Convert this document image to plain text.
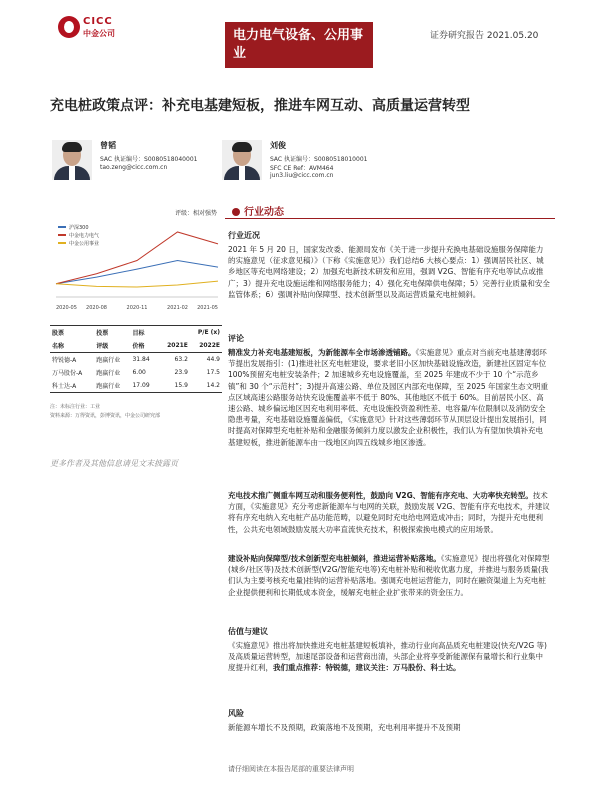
CICC
中金公司	电力电气设备、公用事业
证券研究报告 2021.05.20
充电桩政策点评：补充电基建短板，推进车网互动、高质量运营转型
曾韬
SAC 执证编号：S0080518040001
tao.zeng@cicc.com.cn
刘俊
SAC 执证编号：S0080518010001
SFC CE Ref：AVM464
jun3.liu@cicc.com.cn
评级：相对强势
2020-05 2020-08	2020-11	2021-02 2021-05
沪深300
中金电力电气
中金公用事业
股票	投票	目标	P/E (x)	
名称	评级	价格	2021E	2022E
特锐德-A	跑赢行业	31.84	63.2	44.9
万马股份-A	跑赢行业	6.00	23.9	17.5
科士达-A	跑赢行业	17.09	15.9	14.2
注：未标注行业：工业
资料来源：万得资讯，彭博资讯，中金公司研究部
更多作者及其他信息请见文末披露页
行业动态
行业近况
2021 年 5 月 20 日，国家发改委、能源局发布《关于进一步提升充换电基础设施服务保障能力的实施意见（征求意见稿）》（下称《实施意见》）我们总结6 大核心要点：1）强调居民社区、城乡地区等充电网络建设；2）加强充电新技术研发和应用，强调 V2G、智能有序充电等试点或推广；3）提升充电设施运维和网络服务能力；4）强化充电保障供电保障；5）完善行业质量和安全监管体系；6）强调补贴向保障型、技术创新型以及高运营质量充电桩倾斜。
评论
精准发力补充电基建短板，为新能源车全市场渗透铺路。《实施意见》重点对当前充电基建薄弱环节提出发展指引：(1)推进社区充电桩建设，要求老旧小区加快基础设施改造，新建社区固定车位 100%预留充电桩安装条件；2 加速城乡充电设施覆盖，至 2025 年建成不少于 10 个“示范乡镇”和 30 个“示范村”；3)提升高速公路、单位及园区内部充电保障，至 2025 年国家生态文明重点区域高速公路服务站快充设施覆盖率不低于 80%、其他地区不低于 60%。目前居民小区、高速公路、城乡偏远地区因充电利用率低、充电设施投资盈利性差、电容量/车位限制以及消防安全隐患考量，充电基础设施覆盖偏低，《实施意见》针对这些薄弱环节从顶层设计提出发展指引，同时提高对保障型充电桩补贴和金融服务倾斜力度以激发企业积极性，我们认为有望加快填补充电基建短板，推进新能源车由一线地区向四五线城乡地区渗透。
充电技术推广侧重车网互动和服务便利性，鼓励向 V2G、智能有序充电、大功率快充转型。技术方面，《实施意见》充分考虑新能源车与电网的关联，鼓励发展 V2G、智能有序充电技术，并建议将有序充电纳入充电桩产品功能范畴，以避免同时充电给电网造成冲击；同时，为提升充电便利性，公共充电领域鼓励发展大功率直流快充技术，积极探索换电模式的应用场景。
建设补贴向保障型/技术创新型充电桩倾斜，推进运营补贴落地。《实施意见》提出将强化对保障型(城乡/社区等)及技术创新型(V2G/智能充电等)充电桩补贴和税收优惠力度，并推进与服务质量(我们认为主要考核充电量)挂钩的运营补贴落地。强调充电桩运营能力，同时在融资渠道上为充电桩企业提供便利和长期低成本资金，缓解充电桩企业扩张带来的资金压力。
估值与建议
《实施意见》推出将加快推进充电桩基建短板填补，推动行业向高品质充电桩建设(快充/V2G 等)及高质量运营转型，加速尾部设备和运营商出清，头部企业将享受新能源保有量增长和行业集中度提升红利，我们重点推荐：特锐德，建议关注：万马股份、科士达。
风险
新能源车增长不及预期，政策落地不及预期，充电利用率提升不及预期
请仔细阅读在本报告尾部的重要法律声明
